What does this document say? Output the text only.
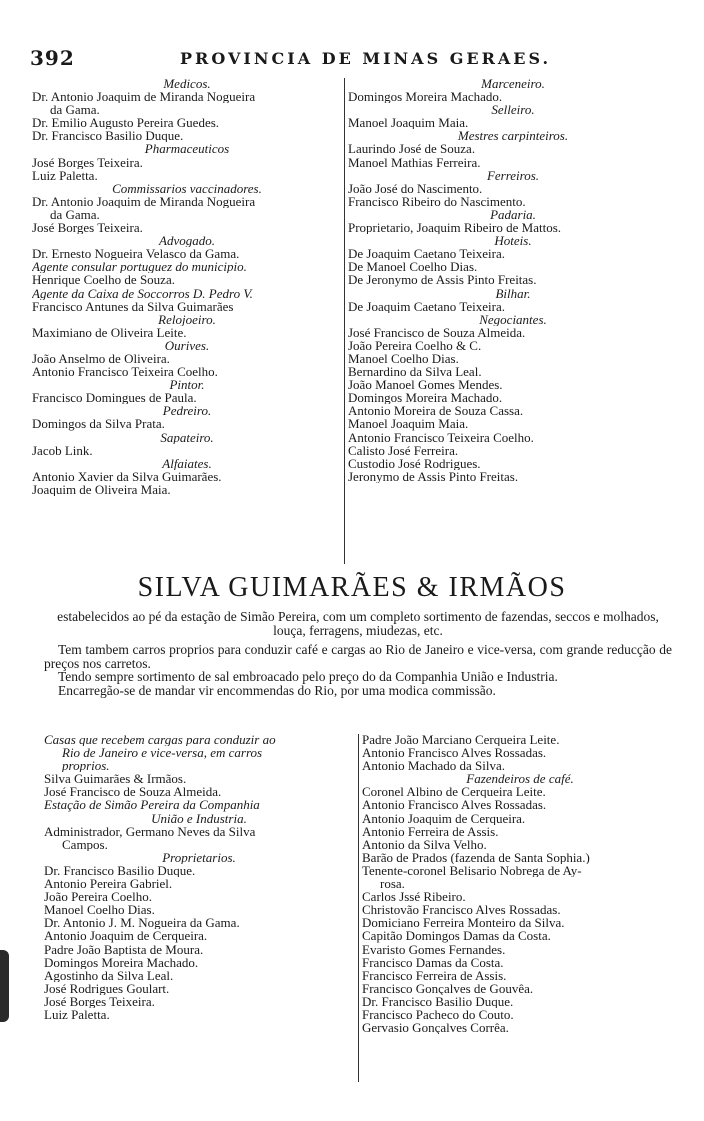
392	PROVINCIA DE MINAS GERAES.
Medicos.
Dr. Antonio Joaquim de Miranda Nogueira
da Gama.
Dr. Emilio Augusto Pereira Guedes.
Dr. Francisco Basilio Duque.
Pharmaceuticos
José Borges Teixeira.
Luiz Paletta.
Commissarios vaccinadores.
Dr. Antonio Joaquim de Miranda Nogueira
da Gama.
José Borges Teixeira.
Advogado.
Dr. Ernesto Nogueira Velasco da Gama.
Agente consular portuguez do municipio.
Henrique Coelho de Souza.
Agente da Caixa de Soccorros D. Pedro V.
Francisco Antunes da Silva Guimarães
Relojoeiro.
Maximiano de Oliveira Leite.
Ourives.
João Anselmo de Oliveira.
Antonio Francisco Teixeira Coelho.
Pintor.
Francisco Domingues de Paula.
Pedreiro.
Domingos da Silva Prata.
Sapateiro.
Jacob Link.
Alfaiates.
Antonio Xavier da Silva Guimarães.
Joaquim de Oliveira Maia.
Marceneiro.
Domingos Moreira Machado.
Selleiro.
Manoel Joaquim Maia.
Mestres carpinteiros.
Laurindo José de Souza.
Manoel Mathias Ferreira.
Ferreiros.
João José do Nascimento.
Francisco Ribeiro do Nascimento.
Padaria.
Proprietario, Joaquim Ribeiro de Mattos.
Hoteis.
De Joaquim Caetano Teixeira.
De Manoel Coelho Dias.
De Jeronymo de Assis Pinto Freitas.
Bilhar.
De Joaquim Caetano Teixeira.
Negociantes.
José Francisco de Souza Almeida.
João Pereira Coelho & C.
Manoel Coelho Dias.
Bernardino da Silva Leal.
João Manoel Gomes Mendes.
Domingos Moreira Machado.
Antonio Moreira de Souza Cassa.
Manoel Joaquim Maia.
Antonio Francisco Teixeira Coelho.
Calisto José Ferreira.
Custodio José Rodrigues.
Jeronymo de Assis Pinto Freitas.
SILVA GUIMARÃES & IRMÃOS

estabelecidos ao pé da estação de Simão Pereira, com um completo sortimento de fazendas, seccos e molhados, louça, ferragens, miudezas, etc.

Tem tambem carros proprios para conduzir café e cargas ao Rio de Janeiro e vice-versa, com grande reducção de preços nos carretos.

Tendo sempre sortimento de sal embroacado pelo preço do da Companhia União e Industria.

Encarregão-se de mandar vir encommendas do Rio, por uma modica commissão.

Casas que recebem cargas para conduzir ao
Rio de Janeiro e vice-versa, em carros
proprios.
Silva Guimarães & Irmãos.
José Francisco de Souza Almeida.
Estação de Simão Pereira da Companhia
União e Industria.
Administrador, Germano Neves da Silva
Campos.
Proprietarios.
Dr. Francisco Basilio Duque.
Antonio Pereira Gabriel.
João Pereira Coelho.
Manoel Coelho Dias.
Dr. Antonio J. M. Nogueira da Gama.
Antonio Joaquim de Cerqueira.
Padre João Baptista de Moura.
Domingos Moreira Machado.
Agostinho da Silva Leal.
José Rodrigues Goulart.
José Borges Teixeira.
Luiz Paletta.
Padre João Marciano Cerqueira Leite.
Antonio Francisco Alves Rossadas.
Antonio Machado da Silva.
Fazendeiros de café.
Coronel Albino de Cerqueira Leite.
Antonio Francisco Alves Rossadas.
Antonio Joaquim de Cerqueira.
Antonio Ferreira de Assis.
Antonio da Silva Velho.
Barão de Prados (fazenda de Santa Sophia.)
Tenente-coronel Belisario Nobrega de Ay-
rosa.
Carlos Jssé Ribeiro.
Christovão Francisco Alves Rossadas.
Domiciano Ferreira Monteiro da Silva.
Capitão Domingos Damas da Costa.
Evaristo Gomes Fernandes.
Francisco Damas da Costa.
Francisco Ferreira de Assis.
Francisco Gonçalves de Gouvêa.
Dr. Francisco Basilio Duque.
Francisco Pacheco do Couto.
Gervasio Gonçalves Corrêa.
